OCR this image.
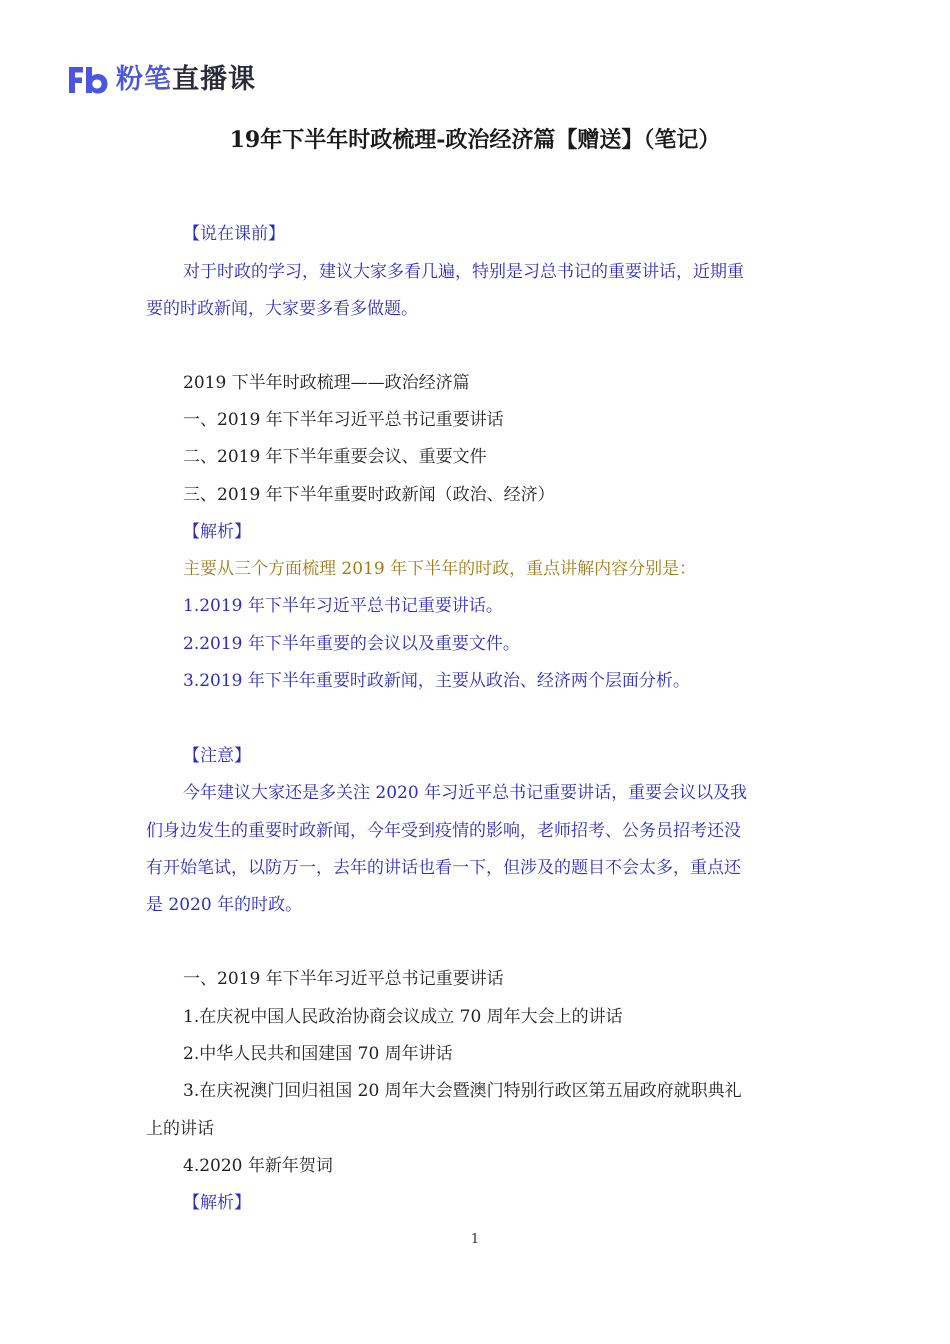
粉笔直播课
19年下半年时政梳理-政治经济篇【赠送】（笔记）

【说在课前】

对于时政的学习，建议大家多看几遍，特别是习总书记的重要讲话，近期重

要的时政新闻，大家要多看多做题。

2019 下半年时政梳理——政治经济篇

一、2019 年下半年习近平总书记重要讲话

二、2019 年下半年重要会议、重要文件

三、2019 年下半年重要时政新闻（政治、经济）

【解析】

主要从三个方面梳理 2019 年下半年的时政，重点讲解内容分别是：

1.2019 年下半年习近平总书记重要讲话。

2.2019 年下半年重要的会议以及重要文件。

3.2019 年下半年重要时政新闻，主要从政治、经济两个层面分析。

【注意】

今年建议大家还是多关注 2020 年习近平总书记重要讲话，重要会议以及我

们身边发生的重要时政新闻，今年受到疫情的影响，老师招考、公务员招考还没

有开始笔试，以防万一，去年的讲话也看一下，但涉及的题目不会太多，重点还

是 2020 年的时政。

一、2019 年下半年习近平总书记重要讲话

1.在庆祝中国人民政治协商会议成立 70 周年大会上的讲话

2.中华人民共和国建国 70 周年讲话

3.在庆祝澳门回归祖国 20 周年大会暨澳门特别行政区第五届政府就职典礼

上的讲话

4.2020 年新年贺词

【解析】

1
